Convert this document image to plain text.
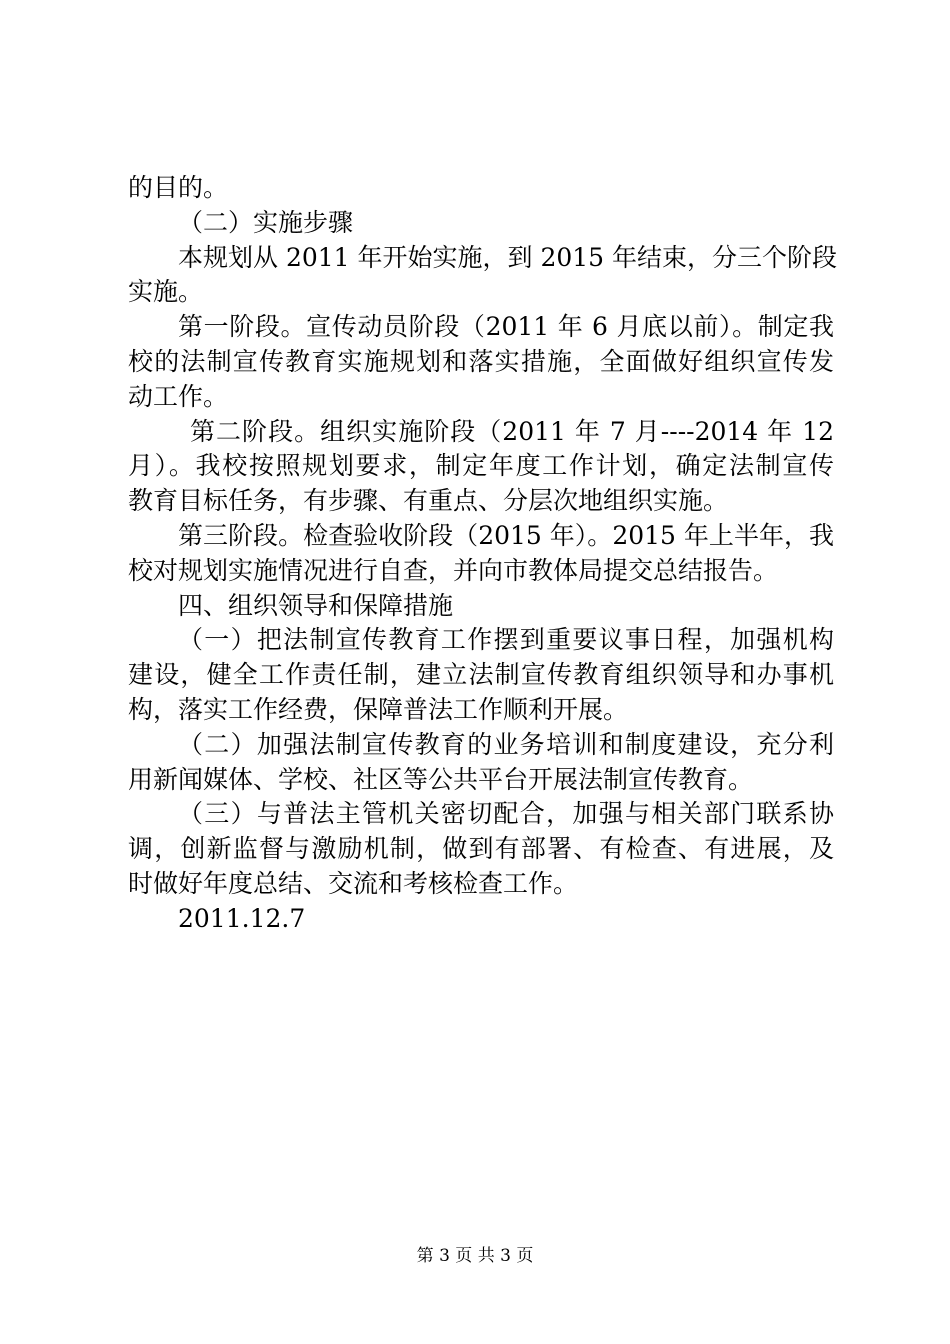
的目的。
（二）实施步骤
本规划从 2011 年开始实施，到 2015 年结束，分三个阶段
实施。
第一阶段。宣传动员阶段（2011 年 6 月底以前）。制定我
校的法制宣传教育实施规划和落实措施，全面做好组织宣传发
动工作。
第二阶段。组织实施阶段（2011 年 7 月----2014 年 12
月）。我校按照规划要求，制定年度工作计划，确定法制宣传
教育目标任务，有步骤、有重点、分层次地组织实施。
第三阶段。检查验收阶段（2015 年）。2015 年上半年，我
校对规划实施情况进行自查，并向市教体局提交总结报告。
四、组织领导和保障措施
（一）把法制宣传教育工作摆到重要议事日程，加强机构
建设，健全工作责任制，建立法制宣传教育组织领导和办事机
构，落实工作经费，保障普法工作顺利开展。
（二）加强法制宣传教育的业务培训和制度建设，充分利
用新闻媒体、学校、社区等公共平台开展法制宣传教育。
（三）与普法主管机关密切配合，加强与相关部门联系协
调，创新监督与激励机制，做到有部署、有检查、有进展，及
时做好年度总结、交流和考核检查工作。
2011.12.7
第 3 页 共 3 页
